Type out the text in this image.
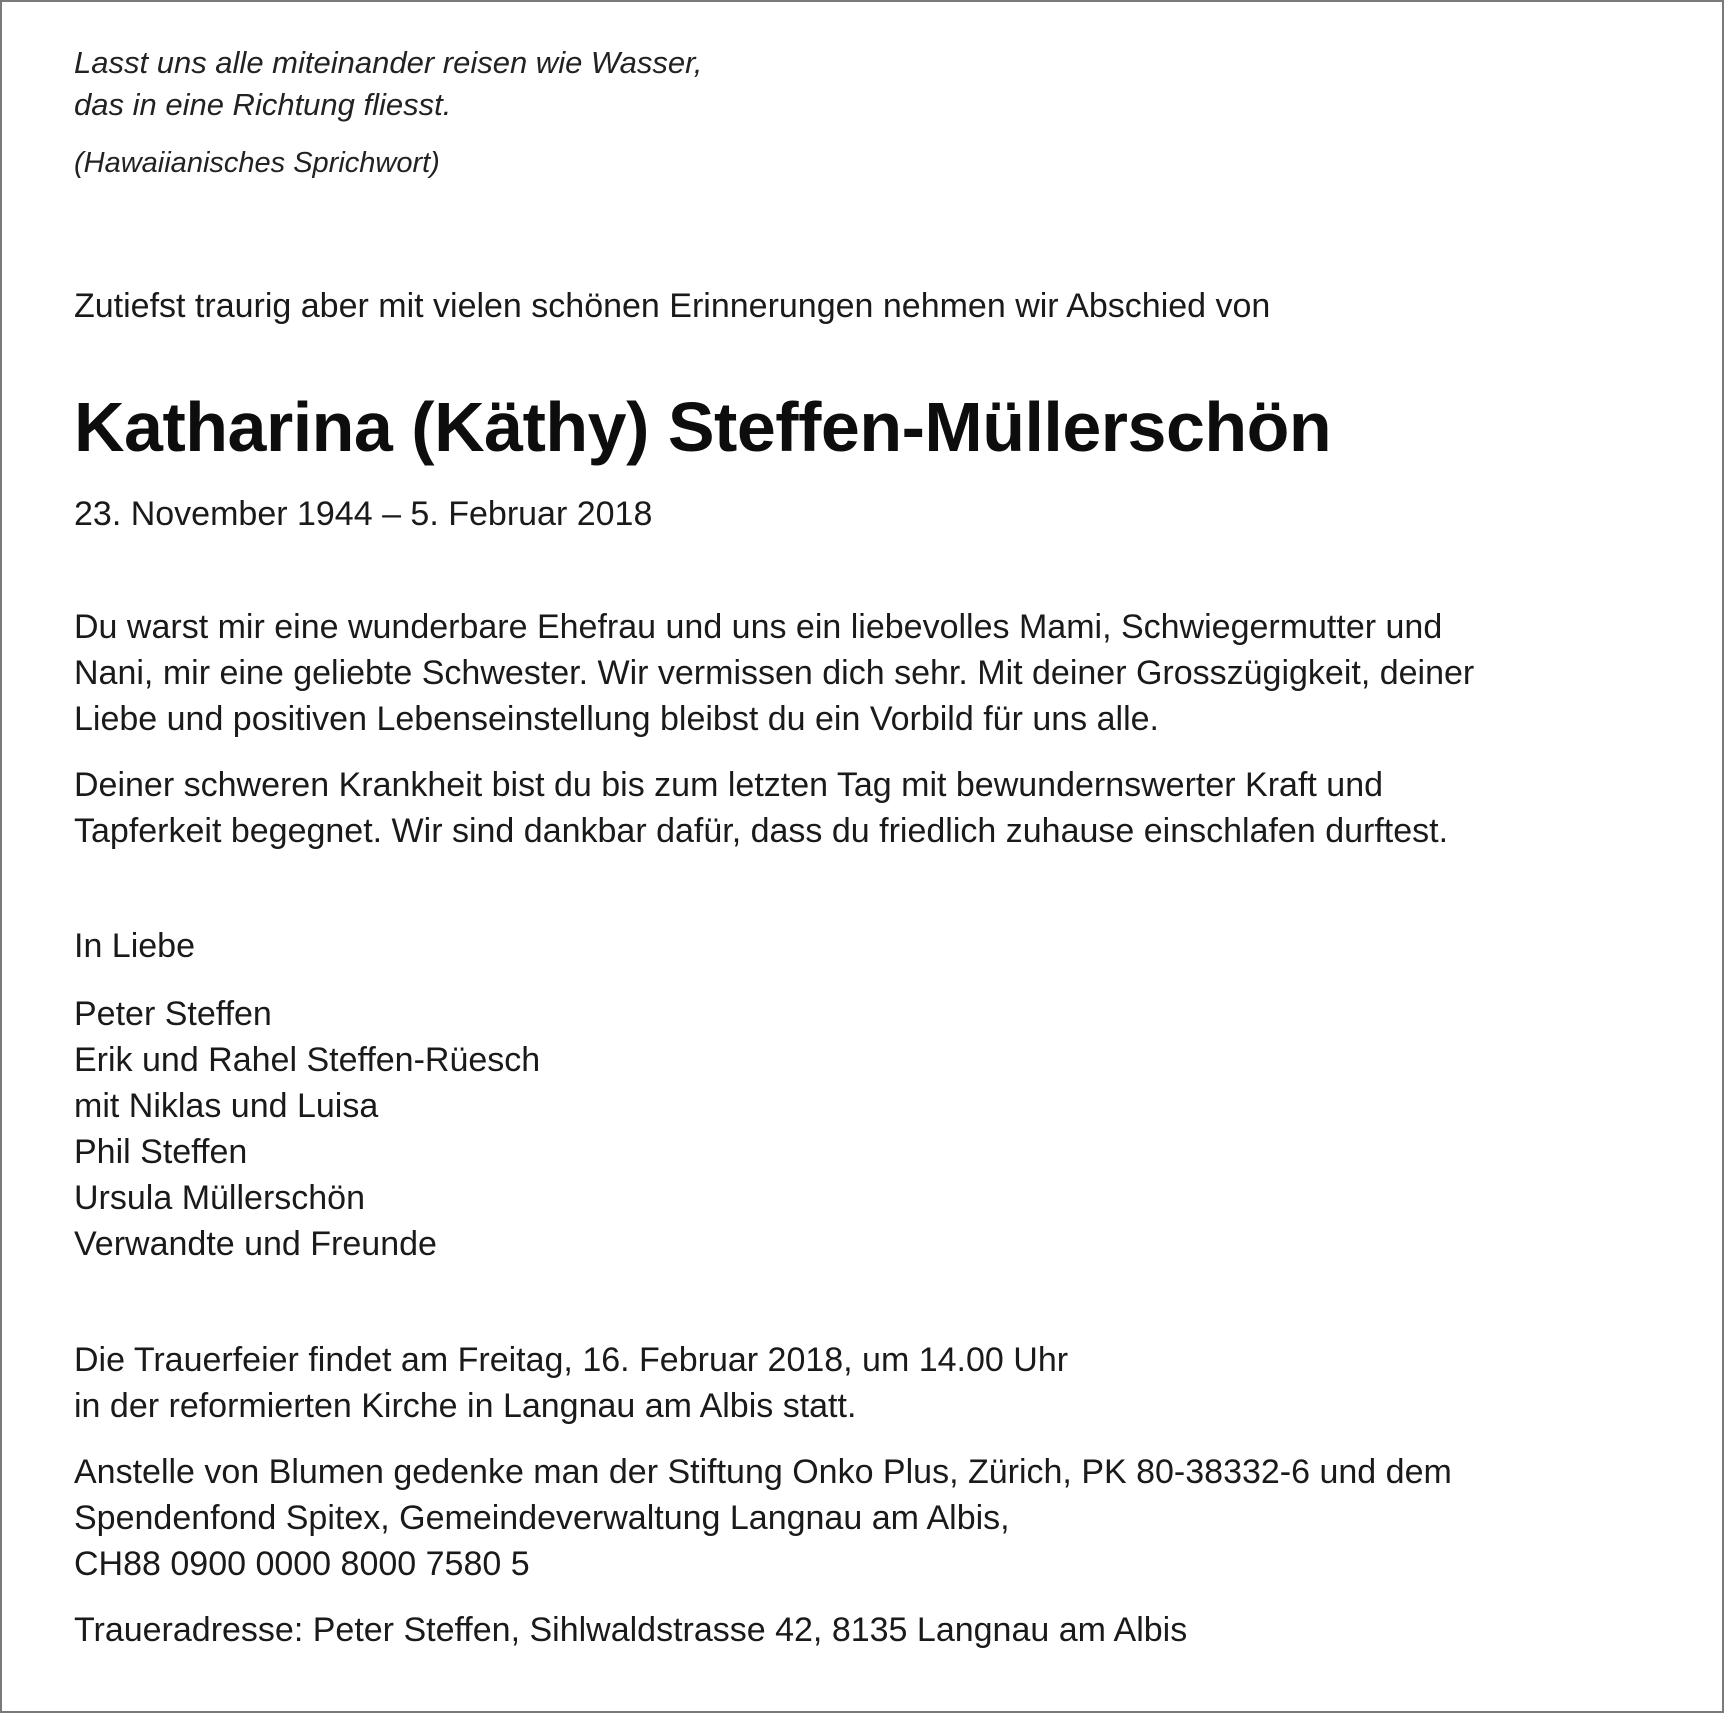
Lasst uns alle miteinander reisen wie Wasser,

das in eine Richtung fliesst.

(Hawaiianisches Sprichwort)

Zutiefst traurig aber mit vielen schönen Erinnerungen nehmen wir Abschied von
Katharina (Käthy) Steffen-Müllerschön
23. November 1944 – 5. Februar 2018
Du warst mir eine wunderbare Ehefrau und uns ein liebevolles Mami, Schwiegermutter und
Nani, mir eine geliebte Schwester. Wir vermissen dich sehr. Mit deiner Grosszügigkeit, deiner
Liebe und positiven Lebenseinstellung bleibst du ein Vorbild für uns alle.
Deiner schweren Krankheit bist du bis zum letzten Tag mit bewundernswerter Kraft und
Tapferkeit begegnet. Wir sind dankbar dafür, dass du friedlich zuhause einschlafen durftest.
In Liebe
Peter Steffen
Erik und Rahel Steffen-Rüesch
mit Niklas und Luisa
Phil Steffen
Ursula Müllerschön
Verwandte und Freunde
Die Trauerfeier findet am Freitag, 16. Februar 2018, um 14.00 Uhr
in der reformierten Kirche in Langnau am Albis statt.
Anstelle von Blumen gedenke man der Stiftung Onko Plus, Zürich, PK 80-38332-6 und dem
Spendenfond Spitex, Gemeindeverwaltung Langnau am Albis,
CH88 0900 0000 8000 7580 5
Traueradresse: Peter Steffen, Sihlwaldstrasse 42, 8135 Langnau am Albis
